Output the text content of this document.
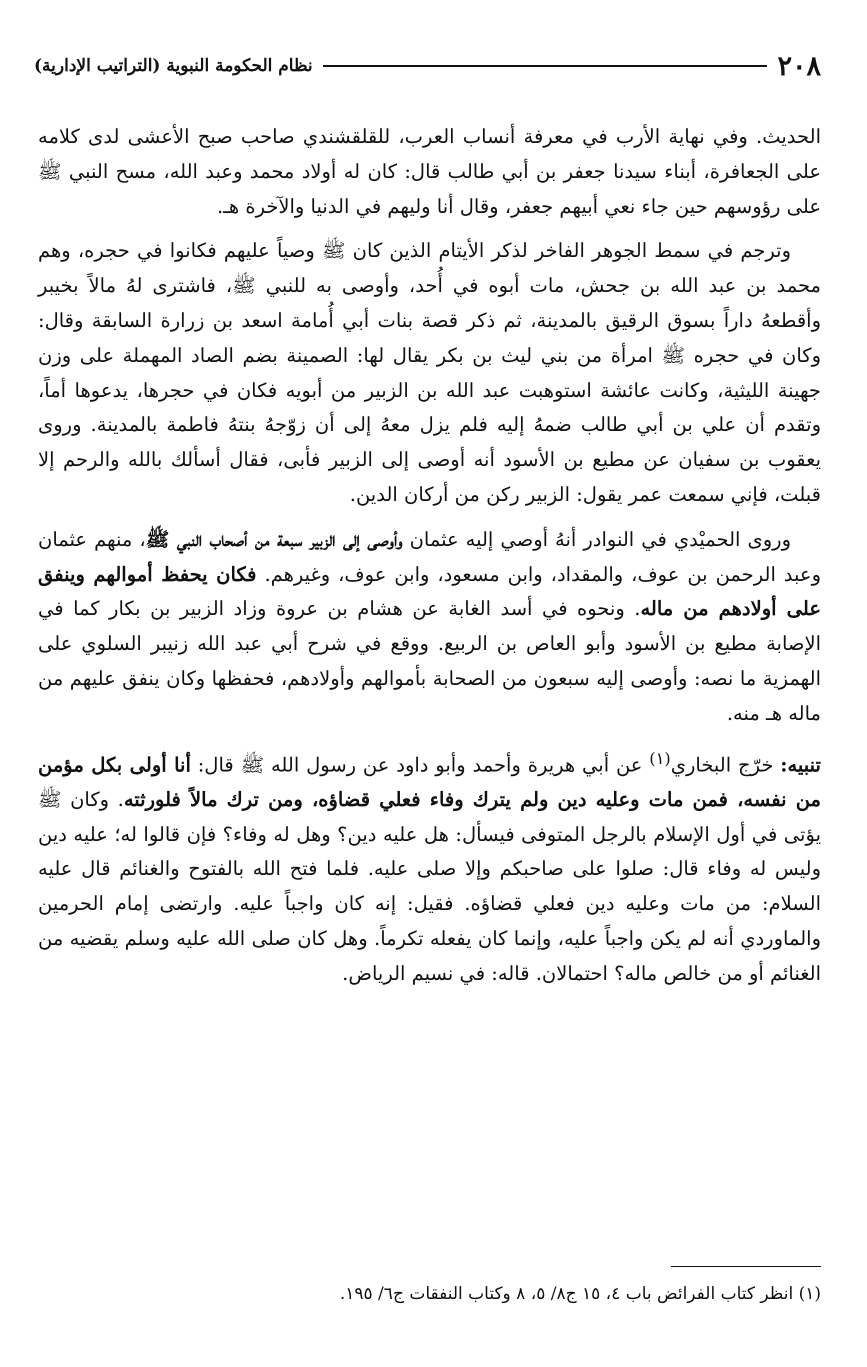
٢٠٨
نظام الحكومة النبوية (التراتيب الإدارية)

الحديث. وفي نهاية الأرب في معرفة أنساب العرب، للقلقشندي صاحب صبح الأعشى لدى كلامه على الجعافرة، أبناء سيدنا جعفر بن أبي طالب قال: كان له أولاد محمد وعبد الله، مسح النبي ﷺ على رؤوسهم حين جاء نعي أبيهم جعفر، وقال أنا وليهم في الدنيا والآخرة هـ.

وترجم في سمط الجوهر الفاخر لذكر الأيتام الذين كان ﷺ وصياً عليهم فكانوا في حجره، وهم محمد بن عبد الله بن جحش، مات أبوه في أُحد، وأوصى به للنبي ﷺ، فاشترى لهُ مالاً بخيبر وأقطعهُ داراً بسوق الرقيق بالمدينة، ثم ذكر قصة بنات أبي أُمامة اسعد بن زرارة السابقة وقال: وكان في حجره ﷺ امرأة من بني ليث بن بكر يقال لها: الصمينة بضم الصاد المهملة على وزن جهينة الليثية، وكانت عائشة استوهبت عبد الله بن الزبير من أبويه فكان في حجرها، يدعوها أماً، وتقدم أن علي بن أبي طالب ضمهُ إليه فلم يزل معهُ إلى أن زوّجهُ بنتهُ فاطمة بالمدينة. وروى يعقوب بن سفيان عن مطيع بن الأسود أنه أوصى إلى الزبير فأبى، فقال أسألك بالله والرحم إلا قبلت، فإني سمعت عمر يقول: الزبير ركن من أركان الدين.

وروى الحميْدي في النوادر أنهُ أوصي إليه عثمان وأوصى إلى الزبير سبعة من أصحاب النبي ﷺ، منهم عثمان وعبد الرحمن بن عوف، والمقداد، وابن مسعود، وابن عوف، وغيرهم. فكان يحفظ أموالهم وينفق على أولادهم من ماله. ونحوه في أسد الغابة عن هشام بن عروة وزاد الزبير بن بكار كما في الإصابة مطيع بن الأسود وأبو العاص بن الربيع. ووقع في شرح أبي عبد الله زنيبر السلوي على الهمزية ما نصه: وأوصى إليه سبعون من الصحابة بأموالهم وأولادهم، فحفظها وكان ينفق عليهم من ماله هـ منه.

تنبيه: خرّج البخاري$^{(١)}$ عن أبي هريرة وأحمد وأبو داود عن رسول الله ﷺ قال: أنا أولى بكل مؤمن من نفسه، فمن مات وعليه دين ولم يترك وفاء فعلي قضاؤه، ومن ترك مالاً فلورثته. وكان ﷺ يؤتى في أول الإسلام بالرجل المتوفى فيسأل: هل عليه دين؟ وهل له وفاء؟ فإن قالوا له؛ عليه دين وليس له وفاء قال: صلوا على صاحبكم وإلا صلى عليه. فلما فتح الله بالفتوح والغنائم قال عليه السلام: من مات وعليه دين فعلي قضاؤه. فقيل: إنه كان واجباً عليه. وارتضى إمام الحرمين والماوردي أنه لم يكن واجباً عليه، وإنما كان يفعله تكرماً. وهل كان صلى الله عليه وسلم يقضيه من الغنائم أو من خالص ماله؟ احتمالان. قاله: في نسيم الرياض.

(١) انظر كتاب الفرائض باب ٤، ١٥ ج٨/ ٥، ٨ وكتاب النفقات ج٦/ ١٩٥.
